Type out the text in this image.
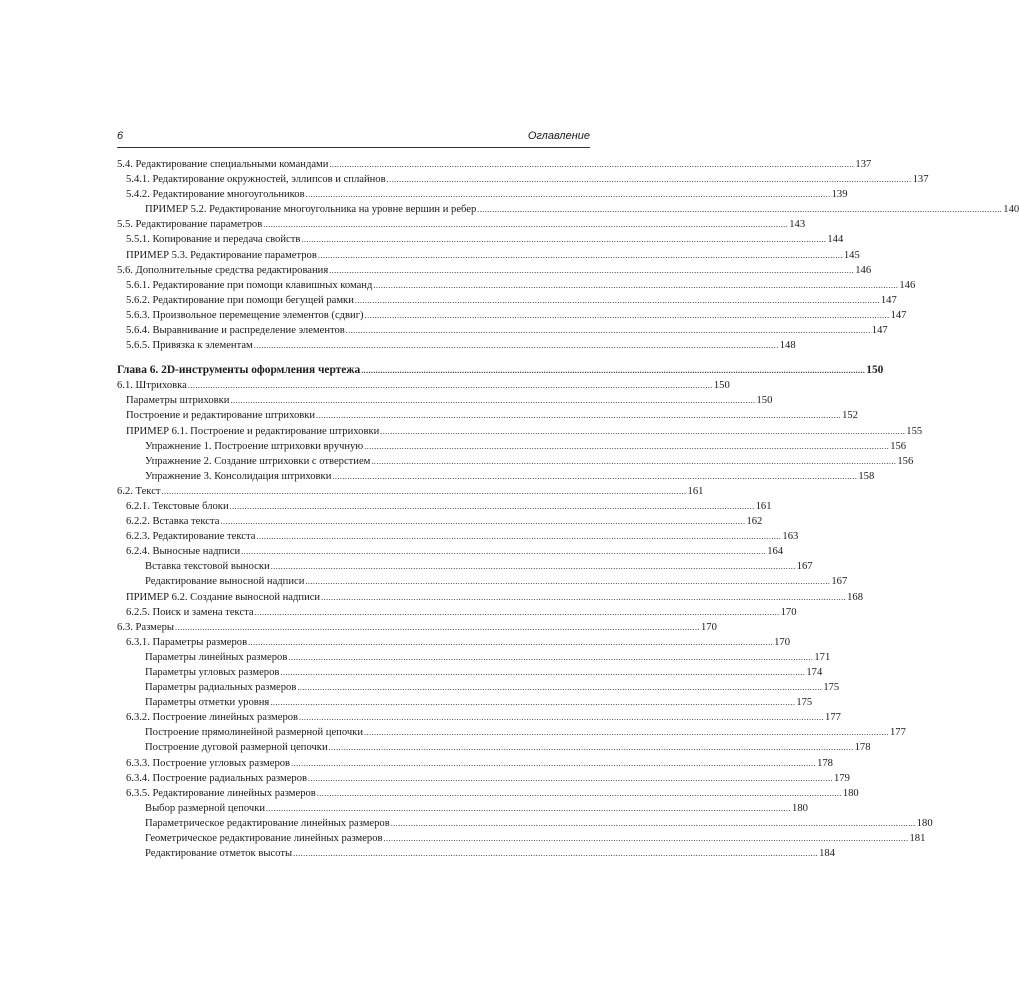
6	Оглавление
5.4. Редактирование специальными командами .................................................................................................................................................................................................................. 137
5.4.1. Редактирование окружностей, эллипсов и сплайнов .................................................................................................................................................................................................................. 137
5.4.2. Редактирование многоугольников .................................................................................................................................................................................................................. 139
ПРИМЕР 5.2. Редактирование многоугольника на уровне вершин и ребер .................................................................................................................................................................................................................. 140
5.5. Редактирование параметров .................................................................................................................................................................................................................. 143
5.5.1. Копирование и передача свойств .................................................................................................................................................................................................................. 144
ПРИМЕР 5.3. Редактирование параметров .................................................................................................................................................................................................................. 145
5.6. Дополнительные средства редактирования .................................................................................................................................................................................................................. 146
5.6.1. Редактирование при помощи клавишных команд .................................................................................................................................................................................................................. 146
5.6.2. Редактирование при помощи бегущей рамки .................................................................................................................................................................................................................. 147
5.6.3. Произвольное перемещение элементов (сдвиг) .................................................................................................................................................................................................................. 147
5.6.4. Выравнивание и распределение элементов .................................................................................................................................................................................................................. 147
5.6.5. Привязка к элементам .................................................................................................................................................................................................................. 148
Глава 6. 2D-инструменты оформления чертежа .................................................................................................................................................................................................................. 150
6.1. Штриховка .................................................................................................................................................................................................................. 150
Параметры штриховки .................................................................................................................................................................................................................. 150
Построение и редактирование штриховки .................................................................................................................................................................................................................. 152
ПРИМЕР 6.1. Построение и редактирование штриховки .................................................................................................................................................................................................................. 155
Упражнение 1. Построение штриховки вручную .................................................................................................................................................................................................................. 156
Упражнение 2. Создание штриховки с отверстием .................................................................................................................................................................................................................. 156
Упражнение 3. Консолидация штриховки .................................................................................................................................................................................................................. 158
6.2. Текст .................................................................................................................................................................................................................. 161
6.2.1. Текстовые блоки .................................................................................................................................................................................................................. 161
6.2.2. Вставка текста .................................................................................................................................................................................................................. 162
6.2.3. Редактирование текста .................................................................................................................................................................................................................. 163
6.2.4. Выносные надписи .................................................................................................................................................................................................................. 164
Вставка текстовой выноски .................................................................................................................................................................................................................. 167
Редактирование выносной надписи .................................................................................................................................................................................................................. 167
ПРИМЕР 6.2. Создание выносной надписи .................................................................................................................................................................................................................. 168
6.2.5. Поиск и замена текста .................................................................................................................................................................................................................. 170
6.3. Размеры .................................................................................................................................................................................................................. 170
6.3.1. Параметры размеров .................................................................................................................................................................................................................. 170
Параметры линейных размеров .................................................................................................................................................................................................................. 171
Параметры угловых размеров .................................................................................................................................................................................................................. 174
Параметры радиальных размеров .................................................................................................................................................................................................................. 175
Параметры отметки уровня .................................................................................................................................................................................................................. 175
6.3.2. Построение линейных размеров .................................................................................................................................................................................................................. 177
Построение прямолинейной размерной цепочки .................................................................................................................................................................................................................. 177
Построение дуговой размерной цепочки .................................................................................................................................................................................................................. 178
6.3.3. Построение угловых размеров .................................................................................................................................................................................................................. 178
6.3.4. Построение радиальных размеров .................................................................................................................................................................................................................. 179
6.3.5. Редактирование линейных размеров .................................................................................................................................................................................................................. 180
Выбор размерной цепочки .................................................................................................................................................................................................................. 180
Параметрическое редактирование линейных размеров .................................................................................................................................................................................................................. 180
Геометрическое редактирование линейных размеров .................................................................................................................................................................................................................. 181
Редактирование отметок высоты .................................................................................................................................................................................................................. 184
